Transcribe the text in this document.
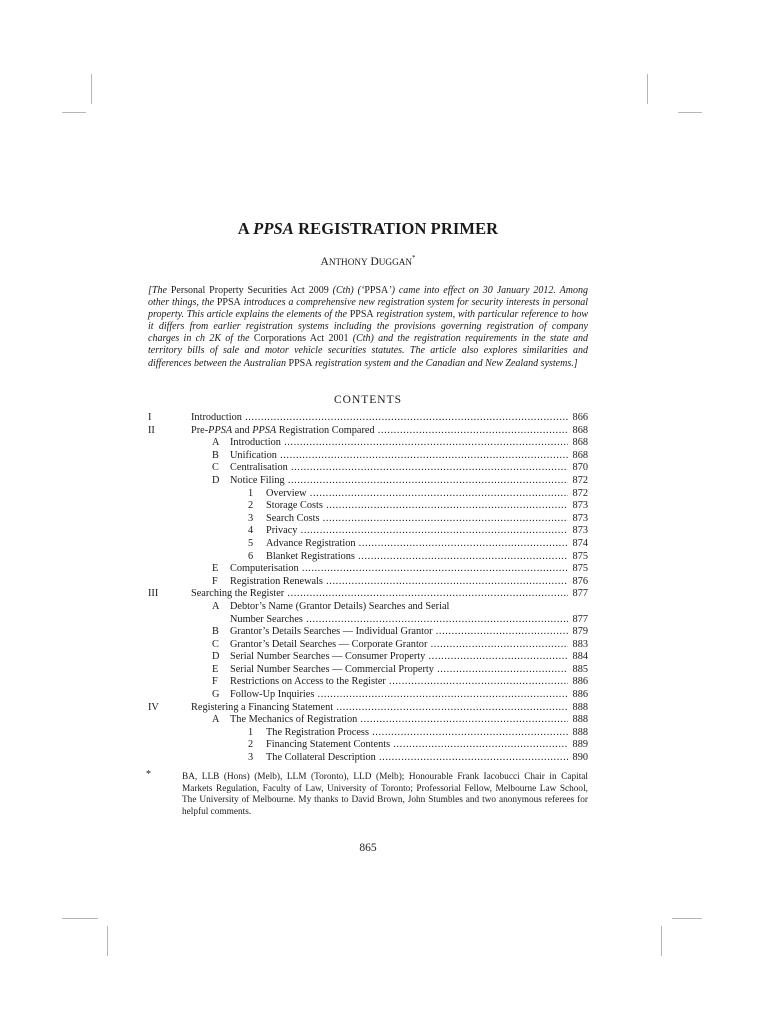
A PPSA REGISTRATION PRIMER
ANTHONY DUGGAN*
[The Personal Property Securities Act 2009 (Cth) (‘PPSA’) came into effect on 30 January 2012. Among other things, the PPSA introduces a comprehensive new registration system for security interests in personal property. This article explains the elements of the PPSA registration system, with particular reference to how it differs from earlier registration systems including the provisions governing registration of company charges in ch 2K of the Corporations Act 2001 (Cth) and the registration requirements in the state and territory bills of sale and motor vehicle securities statutes. The article also explores similarities and differences between the Australian PPSA registration system and the Canadian and New Zealand systems.]
CONTENTS
I	Introduction .....	866
II	Pre-PPSA and PPSA Registration Compared .....	868
A Introduction .....	868
B Unification .....	868
C Centralisation .....	870
D Notice Filing .....	872
1 Overview .....	872
2 Storage Costs .....	873
3 Search Costs .....	873
4 Privacy .....	873
5 Advance Registration .....	874
6 Blanket Registrations .....	875
E Computerisation .....	875
F Registration Renewals .....	876
III	Searching the Register .....	877
A Debtor’s Name (Grantor Details) Searches and Serial
Number Searches .....	877
B Grantor’s Details Searches — Individual Grantor .....	879
C Grantor’s Detail Searches — Corporate Grantor .....	883
D Serial Number Searches — Consumer Property .....	884
E Serial Number Searches — Commercial Property .....	885
F Restrictions on Access to the Register .....	886
G Follow-Up Inquiries .....	886
IV	Registering a Financing Statement .....	888
A The Mechanics of Registration .....	888
1 The Registration Process .....	888
2 Financing Statement Contents .....	889
3 The Collateral Description .....	890
*	BA, LLB (Hons) (Melb), LLM (Toronto), LLD (Melb); Honourable Frank Iacobucci Chair in Capital Markets Regulation, Faculty of Law, University of Toronto; Professorial Fellow, Melbourne Law School, The University of Melbourne. My thanks to David Brown, John Stumbles and two anonymous referees for helpful comments.
865
